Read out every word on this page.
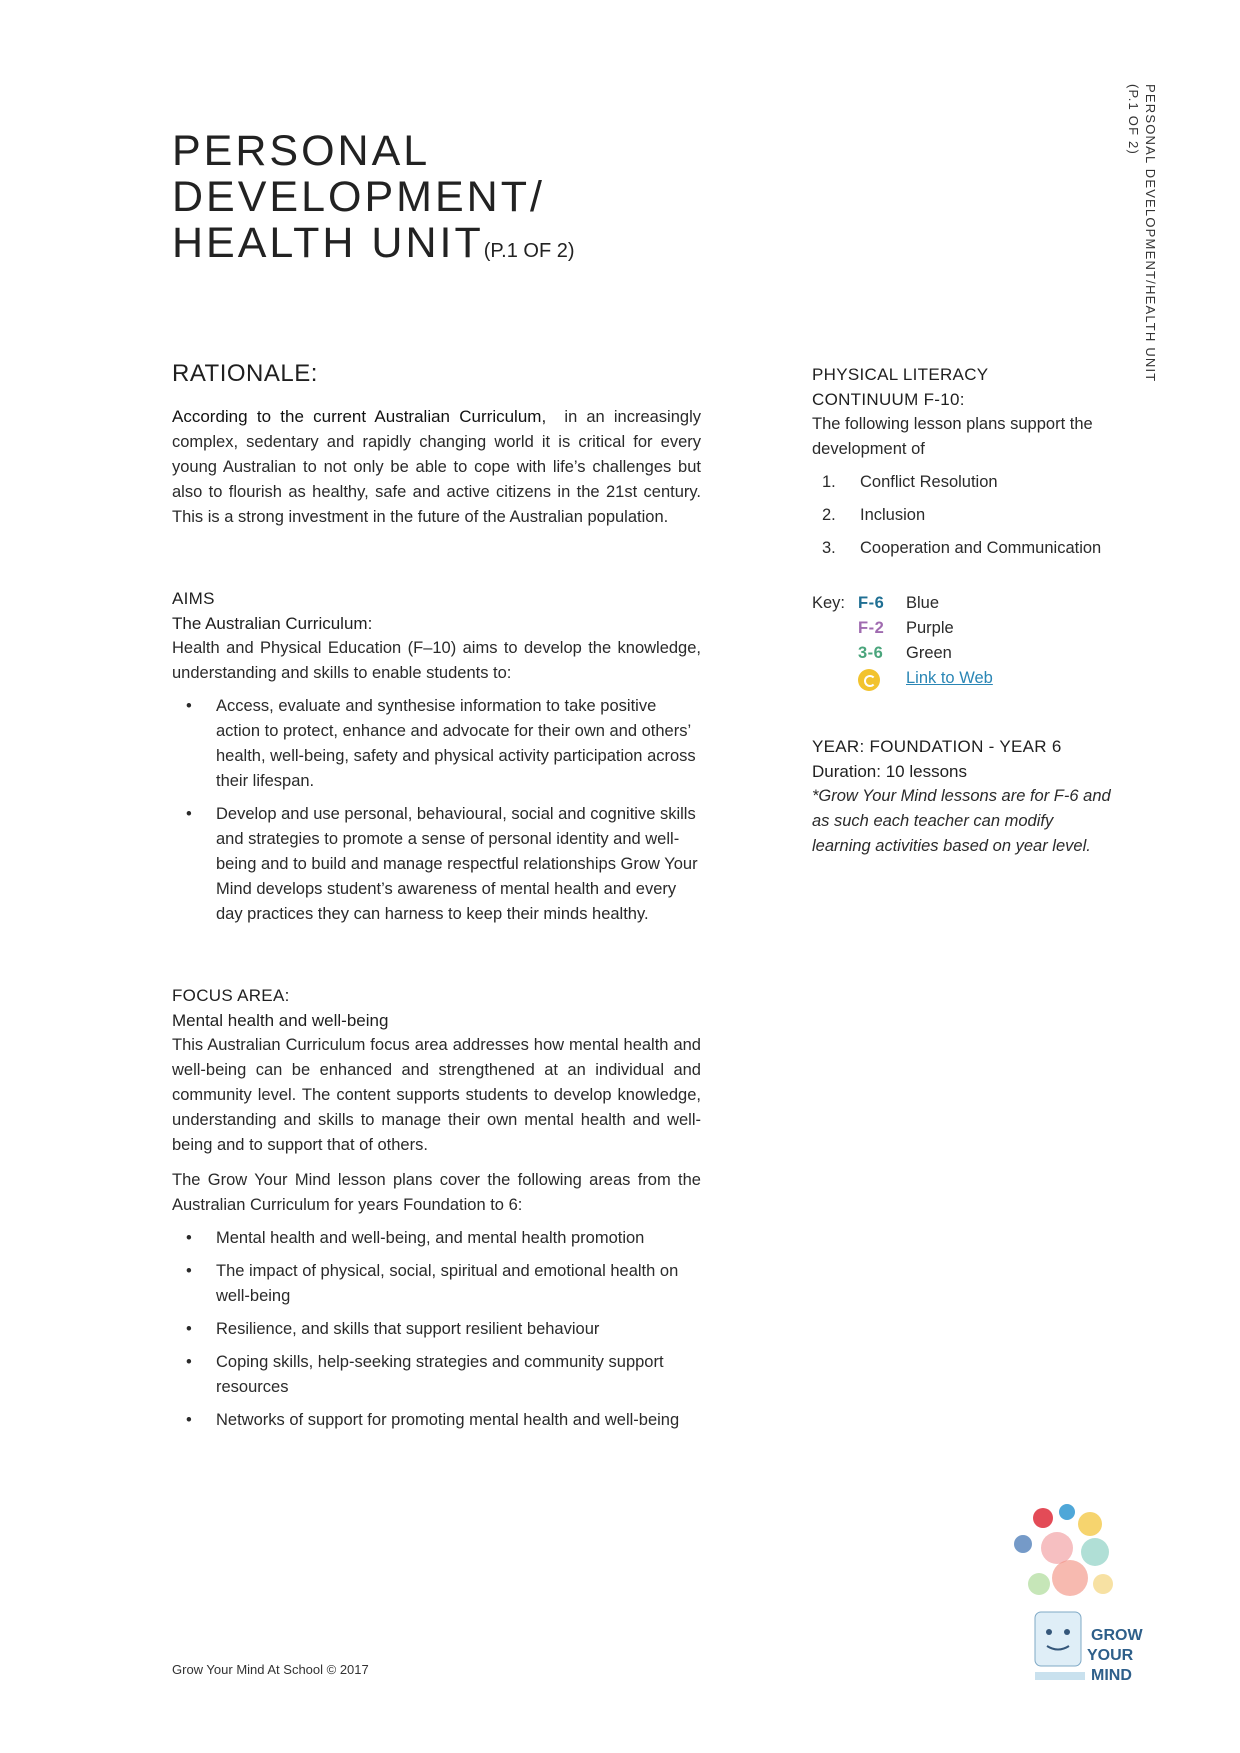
PERSONAL
DEVELOPMENT/
HEALTH UNIT(P.1 OF 2)	PERSONAL DEVELOPMENT/HEALTH UNIT
(P.1 OF 2)
RATIONALE:

According to the current Australian Curriculum, in an increasingly complex, sedentary and rapidly changing world it is critical for every young Australian to not only be able to cope with life’s challenges but also to flourish as healthy, safe and active citizens in the 21st century. This is a strong investment in the future of the Australian population.

AIMS
The Australian Curriculum:

Health and Physical Education (F–10) aims to develop the knowledge, understanding and skills to enable students to:

• Access, evaluate and synthesise information to take positive action to protect, enhance and advocate for their own and others’ health, well-being, safety and physical activity participation across their lifespan.
• Develop and use personal, behavioural, social and cognitive skills and strategies to promote a sense of personal identity and well-being and to build and manage respectful relationships Grow Your Mind develops student’s awareness of mental health and every day practices they can harness to keep their minds healthy.
FOCUS AREA:
Mental health and well-being

This Australian Curriculum focus area addresses how mental health and well-being can be enhanced and strengthened at an individual and community level. The content supports students to develop knowledge, understanding and skills to manage their own mental health and well-being and to support that of others.

The Grow Your Mind lesson plans cover the following areas from the Australian Curriculum for years Foundation to 6:

• Mental health and well-being, and mental health promotion
• The impact of physical, social, spiritual and emotional health on well-being
• Resilience, and skills that support resilient behaviour
• Coping skills, help-seeking strategies and community support resources
• Networks of support for promoting mental health and well-being
PHYSICAL LITERACY
CONTINUUM F-10:

The following lesson plans support the development of

1. Conflict Resolution
2. Inclusion
3. Cooperation and Communication
Key: F-6	Blue
F-2	Purple
3-6	Green
Link to Web
YEAR: FOUNDATION - YEAR 6
Duration: 10 lessons

*Grow Your Mind lessons are for F-6 and as such each teacher can modify learning activities based on year level.

Grow Your Mind At School © 2017
GROW
YOUR
MIND
